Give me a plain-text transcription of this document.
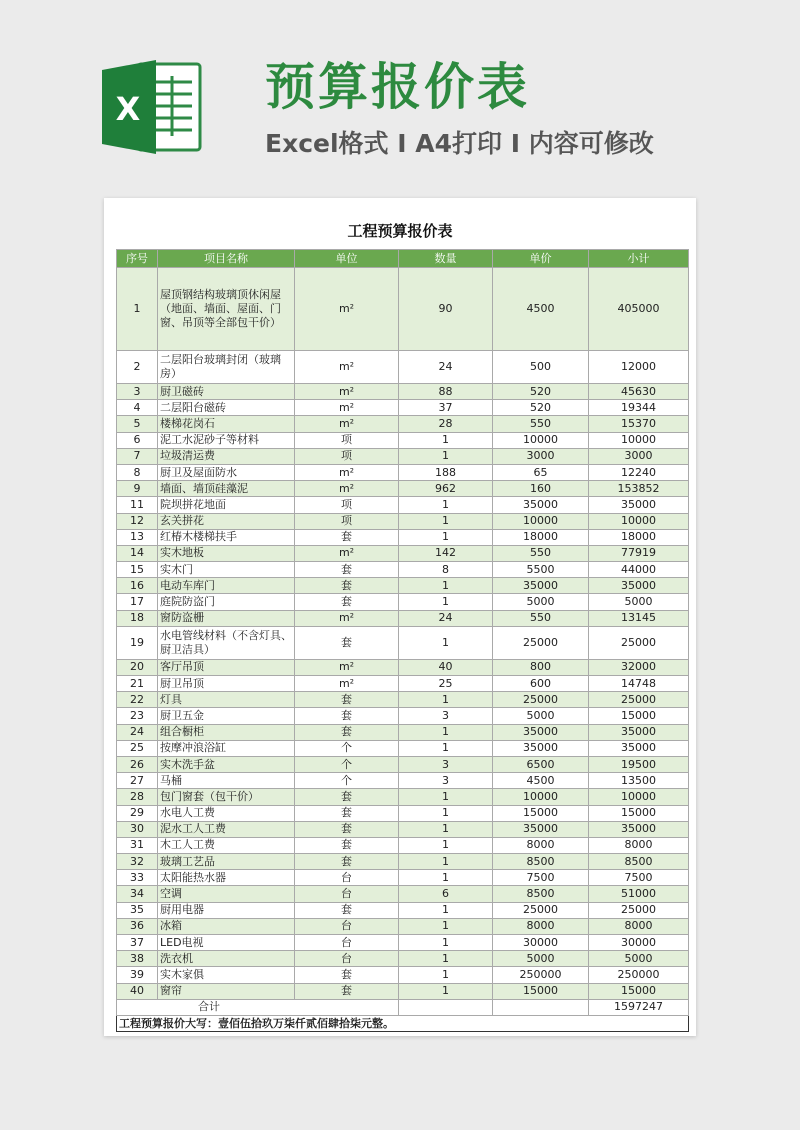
X 预算报价表
Excel格式 I A4打印 I 内容可修改
工程预算报价表
序号	项目名称	单位	数量	单价	小计
1	屋顶钢结构玻璃顶休闲屋（地面、墙面、屋面、门窗、吊顶等全部包干价）	m²	90	4500	405000
2	二层阳台玻璃封闭（玻璃房）	m²	24	500	12000
3	厨卫磁砖	m²	88	520	45630
4	二层阳台磁砖	m²	37	520	19344
5	楼梯花岗石	m²	28	550	15370
6	泥工水泥砂子等材料	项	1	10000	10000
7	垃圾清运费	项	1	3000	3000
8	厨卫及屋面防水	m²	188	65	12240
9	墙面、墙顶硅藻泥	m²	962	160	153852
11	院坝拼花地面	项	1	35000	35000
12	玄关拼花	项	1	10000	10000
13	红椿木楼梯扶手	套	1	18000	18000
14	实木地板	m²	142	550	77919
15	实木门	套	8	5500	44000
16	电动车库门	套	1	35000	35000
17	庭院防盗门	套	1	5000	5000
18	窗防盗栅	m²	24	550	13145
19	水电管线材料（不含灯具、厨卫洁具）	套	1	25000	25000
20	客厅吊顶	m²	40	800	32000
21	厨卫吊顶	m²	25	600	14748
22	灯具	套	1	25000	25000
23	厨卫五金	套	3	5000	15000
24	组合橱柜	套	1	35000	35000
25	按摩冲浪浴缸	个	1	35000	35000
26	实木洗手盆	个	3	6500	19500
27	马桶	个	3	4500	13500
28	包门窗套（包干价）	套	1	10000	10000
29	水电人工费	套	1	15000	15000
30	泥水工人工费	套	1	35000	35000
31	木工人工费	套	1	8000	8000
32	玻璃工艺品	套	1	8500	8500
33	太阳能热水器	台	1	7500	7500
34	空调	台	6	8500	51000
35	厨用电器	套	1	25000	25000
36	冰箱	台	1	8000	8000
37	LED电视	台	1	30000	30000
38	洗衣机	台	1	5000	5000
39	实木家俱	套	1	250000	250000
40	窗帘	套	1	15000	15000
合计					1597247
工程预算报价大写：壹佰伍拾玖万柒仟贰佰肆拾柒元整。					
